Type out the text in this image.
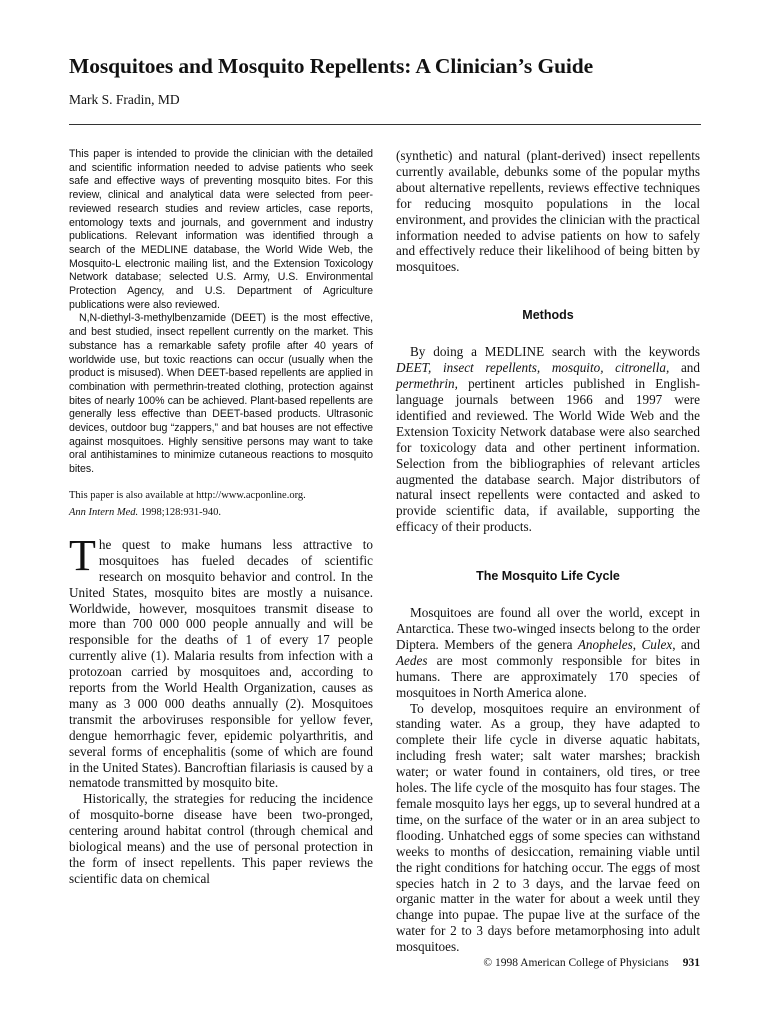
Mosquitoes and Mosquito Repellents: A Clinician’s Guide
Mark S. Fradin, MD

This paper is intended to provide the clinician with the detailed and scientific information needed to advise patients who seek safe and effective ways of preventing mosquito bites. For this review, clinical and analytical data were selected from peer-reviewed research studies and review articles, case reports, entomology texts and journals, and government and industry publications. Relevant information was identified through a search of the MEDLINE database, the World Wide Web, the Mosquito-L electronic mailing list, and the Extension Toxicology Network database; selected U.S. Army, U.S. Environmental Protection Agency, and U.S. Department of Agriculture publications were also reviewed.

N,N-diethyl-3-methylbenzamide (DEET) is the most effective, and best studied, insect repellent currently on the market. This substance has a remarkable safety profile after 40 years of worldwide use, but toxic reactions can occur (usually when the product is misused). When DEET-based repellents are applied in combination with permethrin-treated clothing, protection against bites of nearly 100% can be achieved. Plant-based repellents are generally less effective than DEET-based products. Ultrasonic devices, outdoor bug “zappers,” and bat houses are not effective against mosquitoes. Highly sensitive persons may want to take oral antihistamines to minimize cutaneous reactions to mosquito bites.

This paper is also available at http://www.acponline.org.

Ann Intern Med. 1998;128:931-940.

The quest to make humans less attractive to mosquitoes has fueled decades of scientific research on mosquito behavior and control. In the United States, mosquito bites are mostly a nuisance. Worldwide, however, mosquitoes transmit disease to more than 700 000 000 people annually and will be responsible for the deaths of 1 of every 17 people currently alive (1). Malaria results from infection with a protozoan carried by mosquitoes and, according to reports from the World Health Organization, causes as many as 3 000 000 deaths annually (2). Mosquitoes transmit the arboviruses responsible for yellow fever, dengue hemorrhagic fever, epidemic polyarthritis, and several forms of encephalitis (some of which are found in the United States). Bancroftian filariasis is caused by a nematode transmitted by mosquito bite.

Historically, the strategies for reducing the incidence of mosquito-borne disease have been two-pronged, centering around habitat control (through chemical and biological means) and the use of personal protection in the form of insect repellents. This paper reviews the scientific data on chemical

(synthetic) and natural (plant-derived) insect repellents currently available, debunks some of the popular myths about alternative repellents, reviews effective techniques for reducing mosquito populations in the local environment, and provides the clinician with the practical information needed to advise patients on how to safely and effectively reduce their likelihood of being bitten by mosquitoes.

Methods

By doing a MEDLINE search with the keywords DEET, insect repellents, mosquito, citronella, and permethrin, pertinent articles published in English-language journals between 1966 and 1997 were identified and reviewed. The World Wide Web and the Extension Toxicity Network database were also searched for toxicology data and other pertinent information. Selection from the bibliographies of relevant articles augmented the database search. Major distributors of natural insect repellents were contacted and asked to provide scientific data, if available, supporting the efficacy of their products.

The Mosquito Life Cycle

Mosquitoes are found all over the world, except in Antarctica. These two-winged insects belong to the order Diptera. Members of the genera Anopheles, Culex, and Aedes are most commonly responsible for bites in humans. There are approximately 170 species of mosquitoes in North America alone.

To develop, mosquitoes require an environment of standing water. As a group, they have adapted to complete their life cycle in diverse aquatic habitats, including fresh water; salt water marshes; brackish water; or water found in containers, old tires, or tree holes. The life cycle of the mosquito has four stages. The female mosquito lays her eggs, up to several hundred at a time, on the surface of the water or in an area subject to flooding. Unhatched eggs of some species can withstand weeks to months of desiccation, remaining viable until the right conditions for hatching occur. The eggs of most species hatch in 2 to 3 days, and the larvae feed on organic matter in the water for about a week until they change into pupae. The pupae live at the surface of the water for 2 to 3 days before metamorphosing into adult mosquitoes.

© 1998 American College of Physicians 931
